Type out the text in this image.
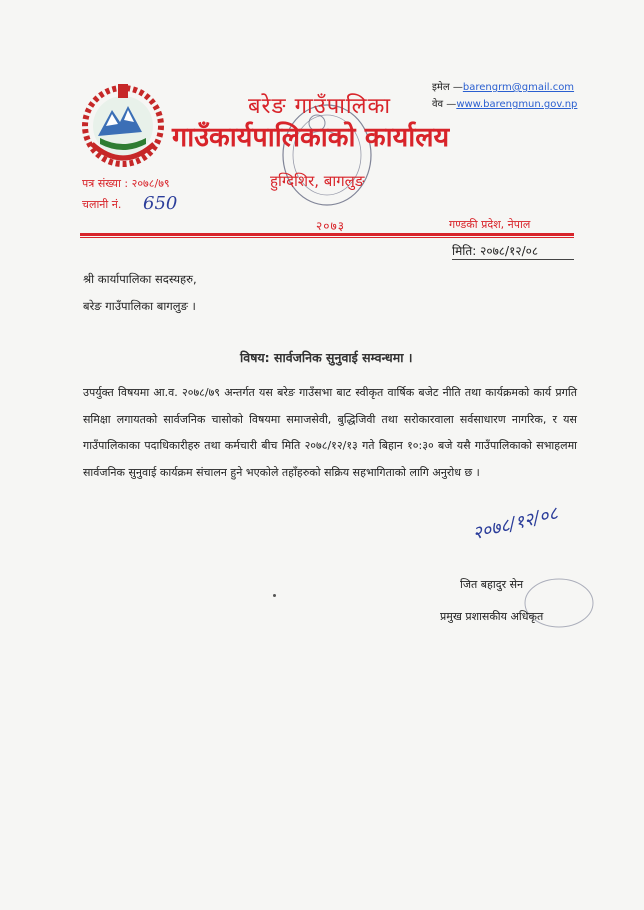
इमेल —barengrm@gmail.com
वेव —www.barengmun.gov.np
बरेङ गाउँपालिका
गाउँकार्यपालिकाको कार्यालय
हुग्दिशिर, बागलुङ
पत्र संख्या : २०७८/७९
चलानी नं. 650
२०७३	गण्डकी प्रदेश, नेपाल
मिति: २०७८/१२/०८
श्री कार्यापालिका सदस्यहरु,
बरेङ गाउँपालिका बागलुङ ।
विषय: सार्वजनिक सुनुवाई सम्वन्धमा ।
उपर्युक्त विषयमा आ.व. २०७८/७९ अन्तर्गत यस बरेङ गाउँसभा बाट स्वीकृत वार्षिक बजेट नीति तथा कार्यक्रमको कार्य प्रगति समिक्षा लगायतको सार्वजनिक चासोको विषयमा समाजसेवी, बुद्धिजिवी तथा सरोकारवाला सर्वसाधारण नागरिक, र यस गाउँपालिकाका पदाधिकारीहरु तथा कर्मचारी बीच मिति २०७८/१२/१३ गते बिहान १०:३० बजे यसै गाउँपालिकाको सभाहलमा सार्वजनिक सुनुवाई कार्यक्रम संचालन हुने भएकोले तहाँहरुको सक्रिय सहभागिताको लागि अनुरोध छ ।
२०७८/१२/०८
जित बहादुर सेन
प्रमुख प्रशासकीय अधिकृत
